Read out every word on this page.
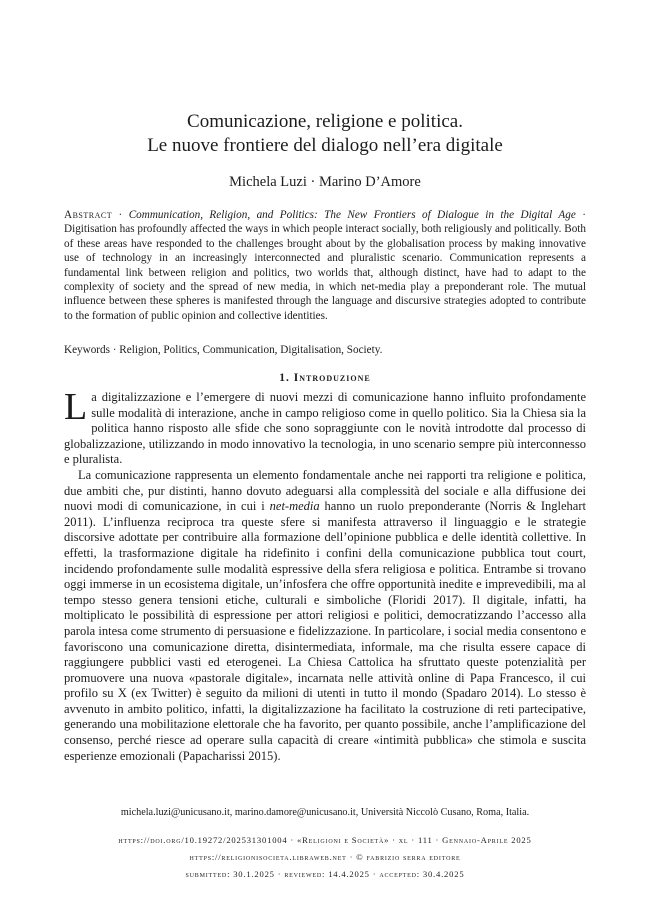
Comunicazione, religione e politica.
Le nuove frontiere del dialogo nell’era digitale
Michela Luzi · Marino D’Amore

Abstract · Communication, Religion, and Politics: The New Frontiers of Dialogue in the Digital Age · Digitisation has profoundly affected the ways in which people interact socially, both religiously and politically. Both of these areas have responded to the challenges brought about by the globalisation process by making innovative use of technology in an increasingly interconnected and pluralistic scenario. Communication represents a fundamental link between religion and politics, two worlds that, although distinct, have had to adapt to the complexity of society and the spread of new media, in which net-media play a preponderant role. The mutual influence between these spheres is manifested through the language and discursive strategies adopted to contribute to the formation of public opinion and collective identities.

Keywords · Religion, Politics, Communication, Digitalisation, Society.

1. Introduzione

La digitalizzazione e l’emergere di nuovi mezzi di comunicazione hanno influito profondamente sulle modalità di interazione, anche in campo religioso come in quello politico. Sia la Chiesa sia la politica hanno risposto alle sfide che sono sopraggiunte con le novità introdotte dal processo di globalizzazione, utilizzando in modo innovativo la tecnologia, in uno scenario sempre più interconnesso e pluralista.

La comunicazione rappresenta un elemento fondamentale anche nei rapporti tra religione e politica, due ambiti che, pur distinti, hanno dovuto adeguarsi alla complessità del sociale e alla diffusione dei nuovi modi di comunicazione, in cui i net-media hanno un ruolo preponderante (Norris & Inglehart 2011). L’influenza reciproca tra queste sfere si manifesta attraverso il linguaggio e le strategie discorsive adottate per contribuire alla formazione dell’opinione pubblica e delle identità collettive. In effetti, la trasformazione digitale ha ridefinito i confini della comunicazione pubblica tout court, incidendo profondamente sulle modalità espressive della sfera religiosa e politica. Entrambe si trovano oggi immerse in un ecosistema digitale, un’infosfera che offre opportunità inedite e imprevedibili, ma al tempo stesso genera tensioni etiche, culturali e simboliche (Floridi 2017). Il digitale, infatti, ha moltiplicato le possibilità di espressione per attori religiosi e politici, democratizzando l’accesso alla parola intesa come strumento di persuasione e fidelizzazione. In particolare, i social media consentono e favoriscono una comunicazione diretta, disintermediata, informale, ma che risulta essere capace di raggiungere pubblici vasti ed eterogenei. La Chiesa Cattolica ha sfruttato queste potenzialità per promuovere una nuova «pastorale digitale», incarnata nelle attività online di Papa Francesco, il cui profilo su X (ex Twitter) è seguito da milioni di utenti in tutto il mondo (Spadaro 2014). Lo stesso è avvenuto in ambito politico, infatti, la digitalizzazione ha facilitato la costruzione di reti partecipative, generando una mobilitazione elettorale che ha favorito, per quanto possibile, anche l’amplificazione del consenso, perché riesce ad operare sulla capacità di creare «intimità pubblica» che stimola e suscita esperienze emozionali (Papacharissi 2015).

michela.luzi@unicusano.it, marino.damore@unicusano.it, Università Niccolò Cusano, Roma, Italia.
https://doi.org/10.19272/202531301004 · «Religioni e Società» · xl · 111 · Gennaio-Aprile 2025
https://religionisocieta.libraweb.net · © fabrizio serra editore
submitted: 30.1.2025 · reviewed: 14.4.2025 · accepted: 30.4.2025
